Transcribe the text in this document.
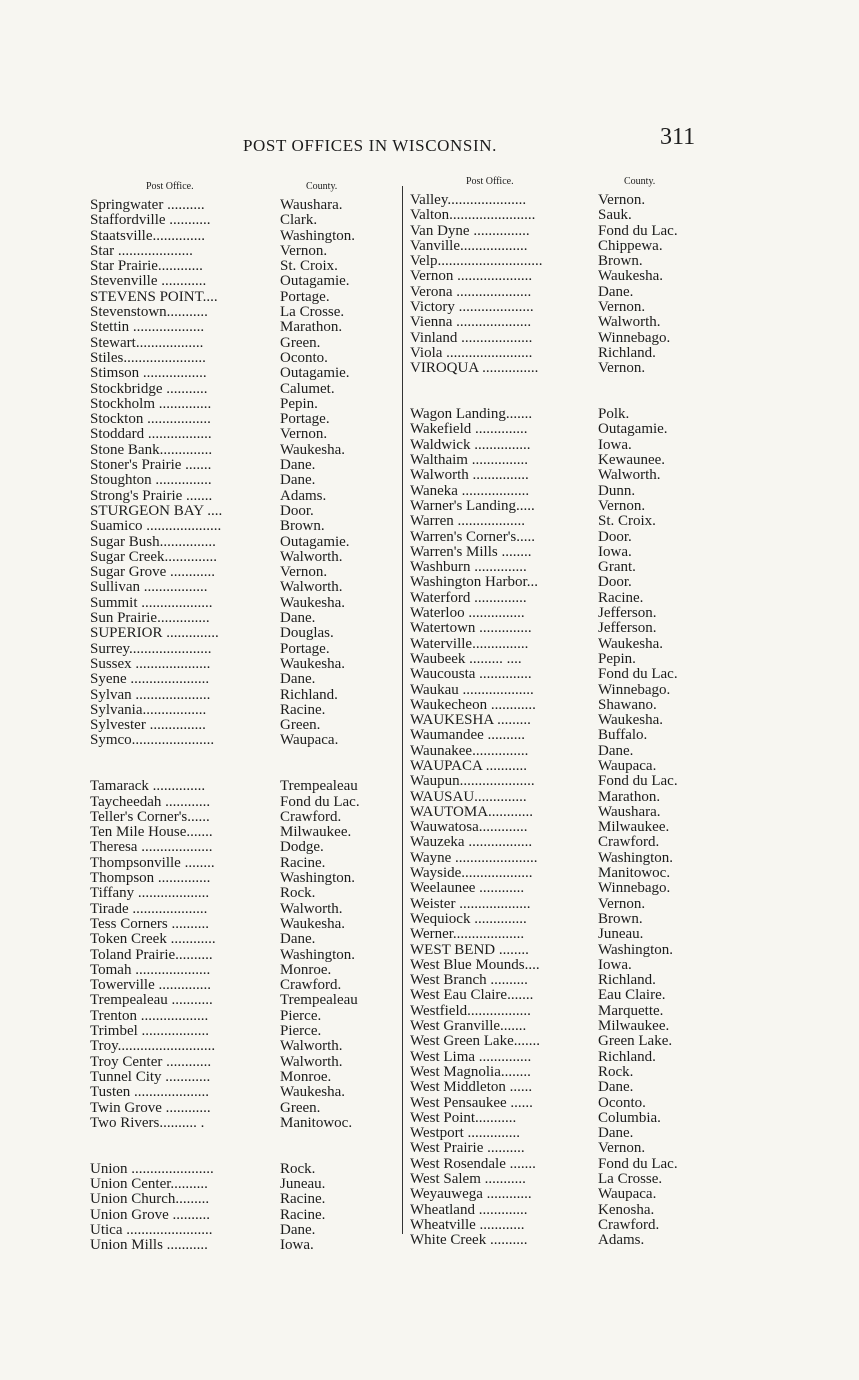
POST OFFICES IN WISCONSIN.	311
Post Office.	County.
Springwater ..........	Waushara.
Staffordville ...........	Clark.
Staatsville..............	Washington.
Star ....................	Vernon.
Star Prairie............	St. Croix.
Stevenville ............	Outagamie.
STEVENS POINT....	Portage.
Stevenstown...........	La Crosse.
Stettin ...................	Marathon.
Stewart..................	Green.
Stiles......................	Oconto.
Stimson .................	Outagamie.
Stockbridge ...........	Calumet.
Stockholm ..............	Pepin.
Stockton .................	Portage.
Stoddard .................	Vernon.
Stone Bank..............	Waukesha.
Stoner's Prairie .......	Dane.
Stoughton ...............	Dane.
Strong's Prairie .......	Adams.
STURGEON BAY ....	Door.
Suamico ....................	Brown.
Sugar Bush...............	Outagamie.
Sugar Creek..............	Walworth.
Sugar Grove ............	Vernon.
Sullivan .................	Walworth.
Summit ...................	Waukesha.
Sun Prairie..............	Dane.
SUPERIOR ..............	Douglas.
Surrey......................	Portage.
Sussex ....................	Waukesha.
Syene .....................	Dane.
Sylvan ....................	Richland.
Sylvania.................	Racine.
Sylvester ...............	Green.
Symco......................	Waupaca.
Tamarack ..............	Trempealeau
Taycheedah ............	Fond du Lac.
Teller's Corner's......	Crawford.
Ten Mile House.......	Milwaukee.
Theresa ...................	Dodge.
Thompsonville ........	Racine.
Thompson ..............	Washington.
Tiffany ...................	Rock.
Tirade ....................	Walworth.
Tess Corners ..........	Waukesha.
Token Creek ............	Dane.
Toland Prairie..........	Washington.
Tomah ....................	Monroe.
Towerville ..............	Crawford.
Trempealeau ...........	Trempealeau
Trenton ..................	Pierce.
Trimbel ..................	Pierce.
Troy..........................	Walworth.
Troy Center ............	Walworth.
Tunnel City ............	Monroe.
Tusten ....................	Waukesha.
Twin Grove ............	Green.
Two Rivers.......... .	Manitowoc.
Union ......................	Rock.
Union Center..........	Juneau.
Union Church.........	Racine.
Union Grove ..........	Racine.
Utica .......................	Dane.
Union Mills ...........	Iowa.
Post Office.	County.
Valley.....................	Vernon.
Valton.......................	Sauk.
Van Dyne ...............	Fond du Lac.
Vanville..................	Chippewa.
Velp............................	Brown.
Vernon ....................	Waukesha.
Verona ....................	Dane.
Victory ....................	Vernon.
Vienna ....................	Walworth.
Vinland ...................	Winnebago.
Viola .......................	Richland.
VIROQUA ...............	Vernon.
Wagon Landing.......	Polk.
Wakefield ..............	Outagamie.
Waldwick ...............	Iowa.
Walthaim ...............	Kewaunee.
Walworth ...............	Walworth.
Waneka ..................	Dunn.
Warner's Landing.....	Vernon.
Warren ..................	St. Croix.
Warren's Corner's.....	Door.
Warren's Mills ........	Iowa.
Washburn ..............	Grant.
Washington Harbor...	Door.
Waterford ..............	Racine.
Waterloo ...............	Jefferson.
Watertown ..............	Jefferson.
Waterville...............	Waukesha.
Waubeek ......... ....	Pepin.
Waucousta ..............	Fond du Lac.
Waukau ...................	Winnebago.
Waukecheon ............	Shawano.
WAUKESHA .........	Waukesha.
Waumandee ..........	Buffalo.
Waunakee...............	Dane.
WAUPACA ...........	Waupaca.
Waupun....................	Fond du Lac.
WAUSAU..............	Marathon.
WAUTOMA............	Waushara.
Wauwatosa.............	Milwaukee.
Wauzeka .................	Crawford.
Wayne ......................	Washington.
Wayside...................	Manitowoc.
Weelaunee ............	Winnebago.
Weister ...................	Vernon.
Wequiock ..............	Brown.
Werner...................	Juneau.
WEST BEND ........	Washington.
West Blue Mounds....	Iowa.
West Branch ..........	Richland.
West Eau Claire.......	Eau Claire.
Westfield.................	Marquette.
West Granville.......	Milwaukee.
West Green Lake.......	Green Lake.
West Lima ..............	Richland.
West Magnolia........	Rock.
West Middleton ......	Dane.
West Pensaukee ......	Oconto.
West Point...........	Columbia.
Westport ..............	Dane.
West Prairie ..........	Vernon.
West Rosendale .......	Fond du Lac.
West Salem ...........	La Crosse.
Weyauwega ............	Waupaca.
Wheatland .............	Kenosha.
Wheatville ............	Crawford.
White Creek ..........	Adams.
